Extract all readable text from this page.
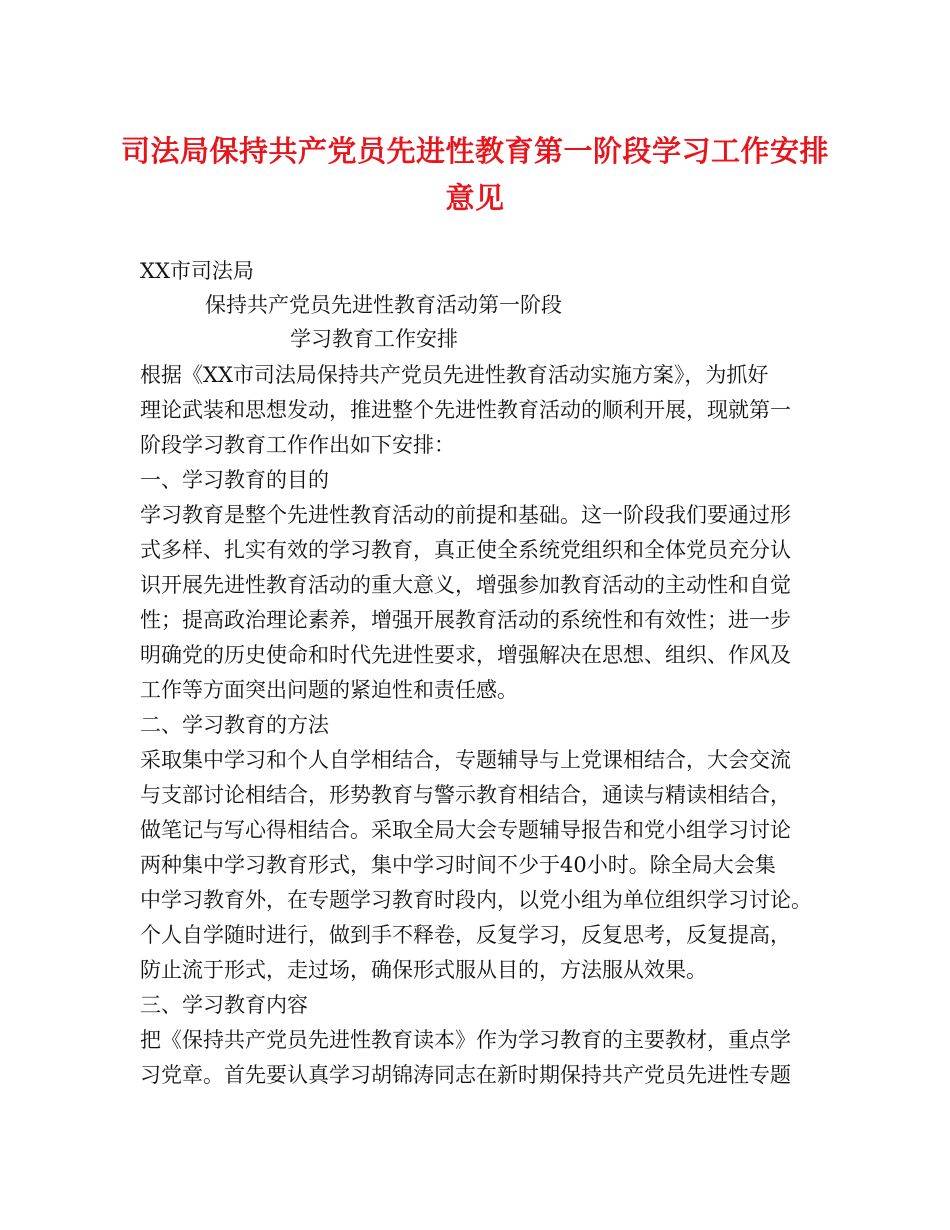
司法局保持共产党员先进性教育第一阶段学习工作安排
意见
XX市司法局
保持共产党员先进性教育活动第一阶段
学习教育工作安排
根据《XX市司法局保持共产党员先进性教育活动实施方案》，为抓好
理论武装和思想发动，推进整个先进性教育活动的顺利开展，现就第一
阶段学习教育工作作出如下安排：
一、学习教育的目的
学习教育是整个先进性教育活动的前提和基础。这一阶段我们要通过形
式多样、扎实有效的学习教育，真正使全系统党组织和全体党员充分认
识开展先进性教育活动的重大意义，增强参加教育活动的主动性和自觉
性；提高政治理论素养，增强开展教育活动的系统性和有效性；进一步
明确党的历史使命和时代先进性要求，增强解决在思想、组织、作风及
工作等方面突出问题的紧迫性和责任感。
二、学习教育的方法
采取集中学习和个人自学相结合，专题辅导与上党课相结合，大会交流
与支部讨论相结合，形势教育与警示教育相结合，通读与精读相结合，
做笔记与写心得相结合。采取全局大会专题辅导报告和党小组学习讨论
两种集中学习教育形式，集中学习时间不少于40小时。除全局大会集
中学习教育外，在专题学习教育时段内，以党小组为单位组织学习讨论。
个人自学随时进行，做到手不释卷，反复学习，反复思考，反复提高，
防止流于形式，走过场，确保形式服从目的，方法服从效果。
三、学习教育内容
把《保持共产党员先进性教育读本》作为学习教育的主要教材，重点学
习党章。首先要认真学习胡锦涛同志在新时期保持共产党员先进性专题
